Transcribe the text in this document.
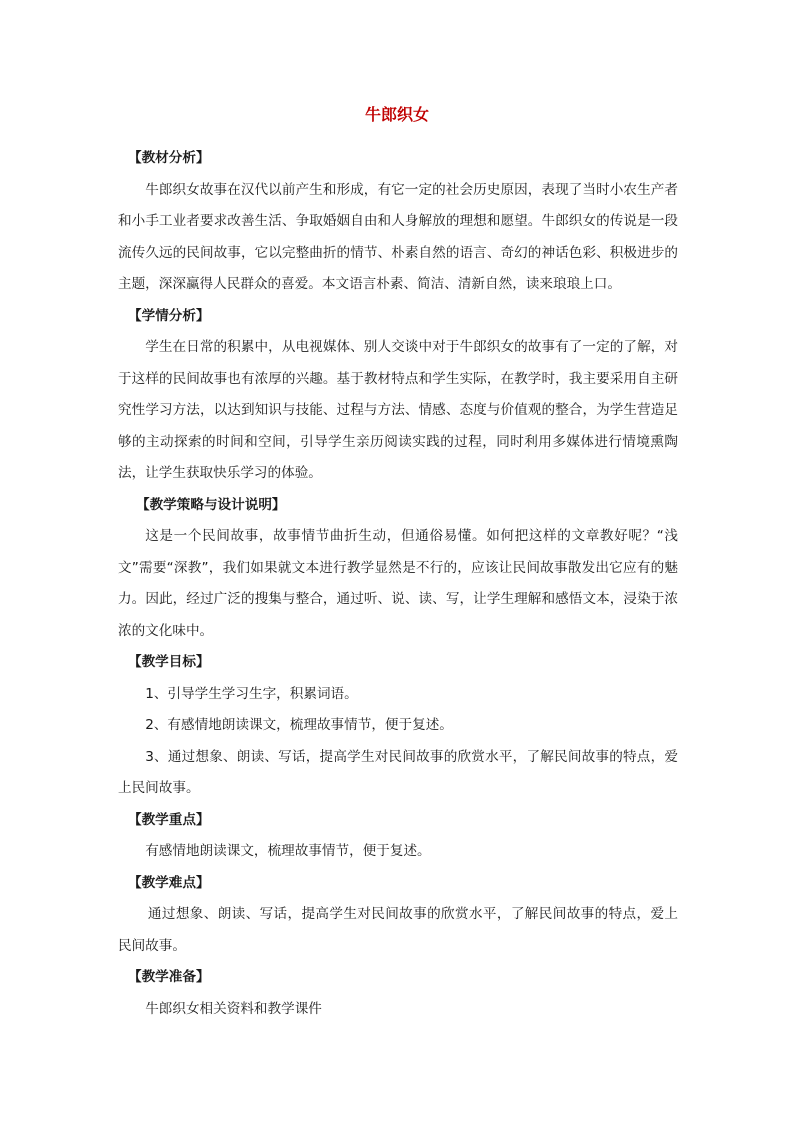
牛郎织女

【教材分析】

牛郎织女故事在汉代以前产生和形成，有它一定的社会历史原因，表现了当时小农生产者和小手工业者要求改善生活、争取婚姻自由和人身解放的理想和愿望。牛郎织女的传说是一段流传久远的民间故事，它以完整曲折的情节、朴素自然的语言、奇幻的神话色彩、积极进步的主题，深深赢得人民群众的喜爱。本文语言朴素、简洁、清新自然，读来琅琅上口。

【学情分析】

学生在日常的积累中，从电视媒体、别人交谈中对于牛郎织女的故事有了一定的了解，对于这样的民间故事也有浓厚的兴趣。基于教材特点和学生实际，在教学时，我主要采用自主研究性学习方法，以达到知识与技能、过程与方法、情感、态度与价值观的整合，为学生营造足够的主动探索的时间和空间，引导学生亲历阅读实践的过程，同时利用多媒体进行情境熏陶法，让学生获取快乐学习的体验。

【教学策略与设计说明】

这是一个民间故事，故事情节曲折生动，但通俗易懂。如何把这样的文章教好呢？“浅文”需要“深教”，我们如果就文本进行教学显然是不行的，应该让民间故事散发出它应有的魅力。因此，经过广泛的搜集与整合，通过听、说、读、写，让学生理解和感悟文本，浸染于浓浓的文化味中。

【教学目标】

1、引导学生学习生字，积累词语。

2、有感情地朗读课文，梳理故事情节，便于复述。

3、通过想象、朗读、写话，提高学生对民间故事的欣赏水平，了解民间故事的特点，爱上民间故事。

【教学重点】

有感情地朗读课文，梳理故事情节，便于复述。

【教学难点】

通过想象、朗读、写话，提高学生对民间故事的欣赏水平，了解民间故事的特点，爱上民间故事。

【教学准备】

牛郎织女相关资料和教学课件
